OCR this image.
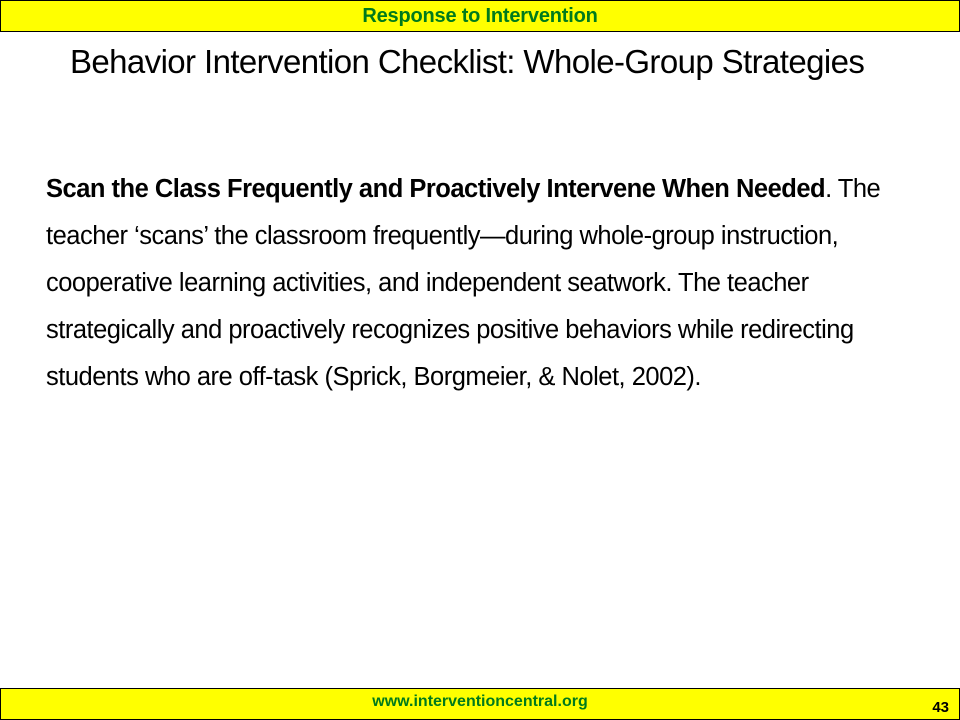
Response to Intervention
Behavior Intervention Checklist: Whole-Group Strategies

Scan the Class Frequently and Proactively Intervene When Needed. The teacher ‘scans’ the classroom frequently—during whole-group instruction, cooperative learning activities, and independent seatwork. The teacher strategically and proactively recognizes positive behaviors while redirecting students who are off-task (Sprick, Borgmeier, & Nolet, 2002).

www.interventioncentral.org	43
